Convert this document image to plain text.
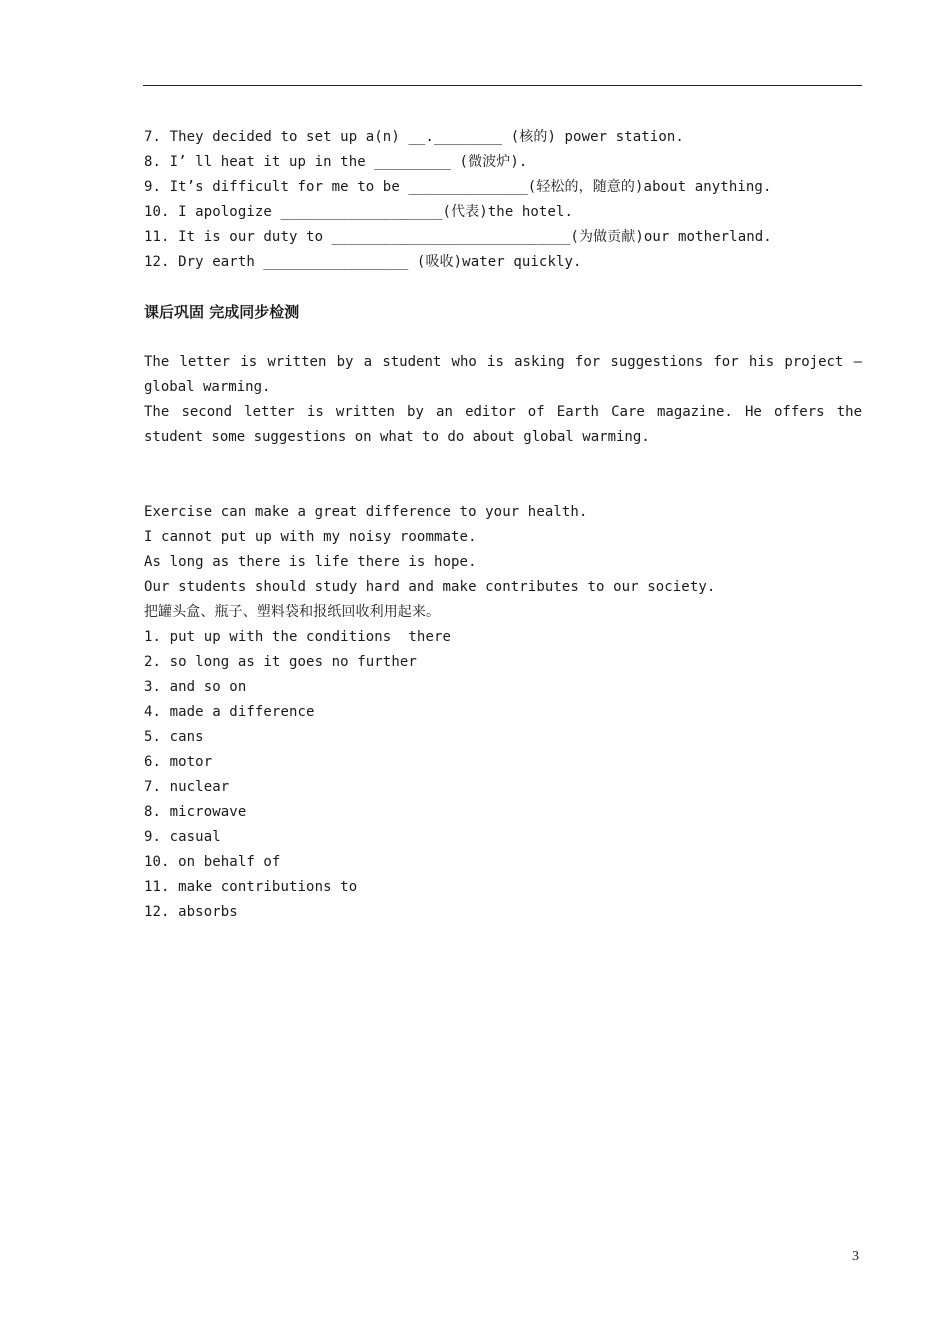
7. They decided to set up a(n) __.________ (核的) power station.
8. I’ ll heat it up in the _________ (微波炉).
9. It’s difficult for me to be ______________(轻松的，随意的)about anything.
10. I apologize ___________________(代表)the hotel.
11. It is our duty to ____________________________(为做贡献)our motherland.
12. Dry earth _________________ (吸收)water quickly.
课后巩固 完成同步检测
The letter is written by a student who is asking for suggestions for his project — global warming.
The second letter is written by an editor of Earth Care magazine. He offers the student some suggestions on what to do about global warming.
Exercise can make a great difference to your health.
I cannot put up with my noisy roommate.
As long as there is life there is hope.
Our students should study hard and make contributes to our society.
把罐头盒、瓶子、塑料袋和报纸回收利用起来。
1. put up with the conditions  there
2. so long as it goes no further
3. and so on
4. made a difference
5. cans
6. motor
7. nuclear
8. microwave
9. casual
10. on behalf of
11. make contributions to
12. absorbs
3
